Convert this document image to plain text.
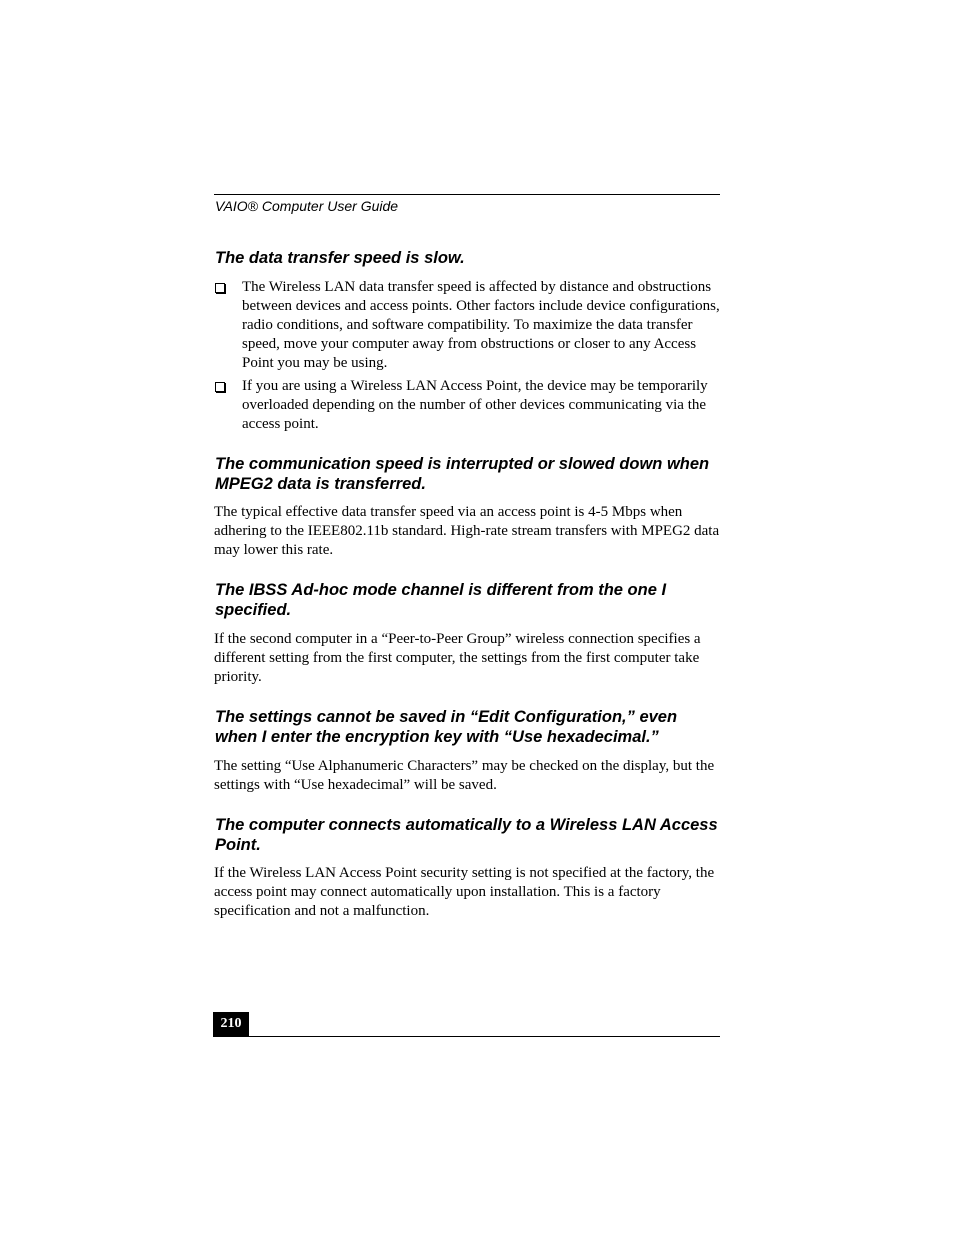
VAIO® Computer User Guide
The data transfer speed is slow.
The Wireless LAN data transfer speed is affected by distance and obstructions between devices and access points. Other factors include device configurations, radio conditions, and software compatibility. To maximize the data transfer speed, move your computer away from obstructions or closer to any Access Point you may be using.
If you are using a Wireless LAN Access Point, the device may be temporarily overloaded depending on the number of other devices communicating via the access point.
The communication speed is interrupted or slowed down when MPEG2 data is transferred.

The typical effective data transfer speed via an access point is 4-5 Mbps when adhering to the IEEE802.11b standard. High-rate stream transfers with MPEG2 data may lower this rate.

The IBSS Ad-hoc mode channel is different from the one I specified.

If the second computer in a “Peer-to-Peer Group” wireless connection specifies a different setting from the first computer, the settings from the first computer take priority.

The settings cannot be saved in “Edit Configuration,” even when I enter the encryption key with “Use hexadecimal.”

The setting “Use Alphanumeric Characters” may be checked on the display, but the settings with “Use hexadecimal” will be saved.

The computer connects automatically to a Wireless LAN Access Point.

If the Wireless LAN Access Point security setting is not specified at the factory, the access point may connect automatically upon installation. This is a factory specification and not a malfunction.

210
